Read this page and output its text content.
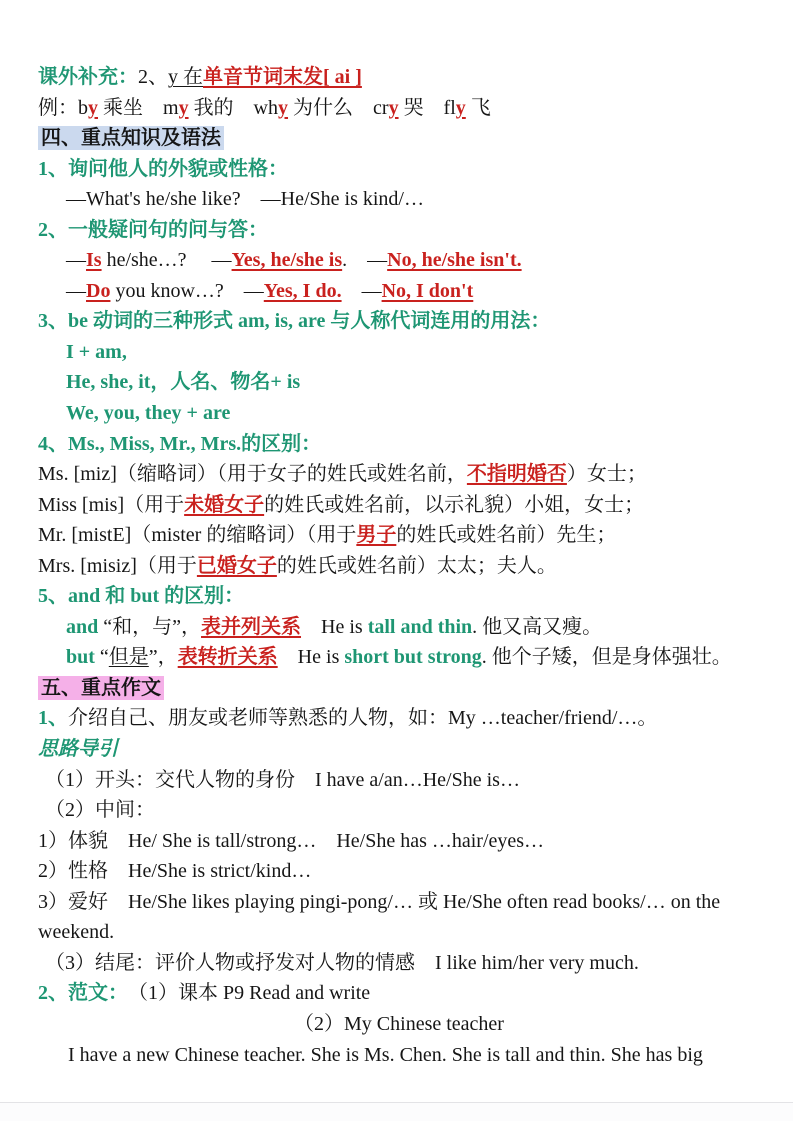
课外补充：2、y 在单音节词末发[ ai ]
例：by 乘坐　my 我的　why 为什么　cry 哭　fly 飞
四、重点知识及语法
1、询问他人的外貌或性格：
—What's he/she like?　—He/She is kind/…
2、一般疑问句的问与答：
—Is he/she…?　 —Yes, he/she is.　—No, he/she isn't.
—Do you know…?　—Yes, I do.　—No, I don't
3、be 动词的三种形式 am, is, are 与人称代词连用的用法：
I + am,
He, she, it，人名、物名+ is
We, you, they + are
4、Ms., Miss, Mr., Mrs.的区别：
Ms. [miz]（缩略词）（用于女子的姓氏或姓名前，不指明婚否）女士；
Miss [mis]（用于未婚女子的姓氏或姓名前，以示礼貌）小姐，女士；
Mr. [mistE]（mister 的缩略词）（用于男子的姓氏或姓名前）先生；
Mrs. [misiz]（用于已婚女子的姓氏或姓名前）太太；夫人。
5、and 和 but 的区别：
and “和，与”，表并列关系　He is tall and thin. 他又高又瘦。
but “但是”，表转折关系　He is short but strong. 他个子矮，但是身体强壮。
五、重点作文
1、介绍自己、朋友或老师等熟悉的人物，如：My …teacher/friend/…。
思路导引
（1）开头：交代人物的身份　I have a/an…He/She is…
（2）中间：
1）体貌　He/ She is tall/strong…　He/She has …hair/eyes…
2）性格　He/She is strict/kind…
3）爱好　He/She likes playing pingi-pong/… 或 He/She often read books/… on the
weekend.
（3）结尾：评价人物或抒发对人物的情感　I like him/her very much.
2、范文：　（1）课本 P9 Read and write
（2）My Chinese teacher
I have a new Chinese teacher. She is Ms. Chen. She is tall and thin. She has big
